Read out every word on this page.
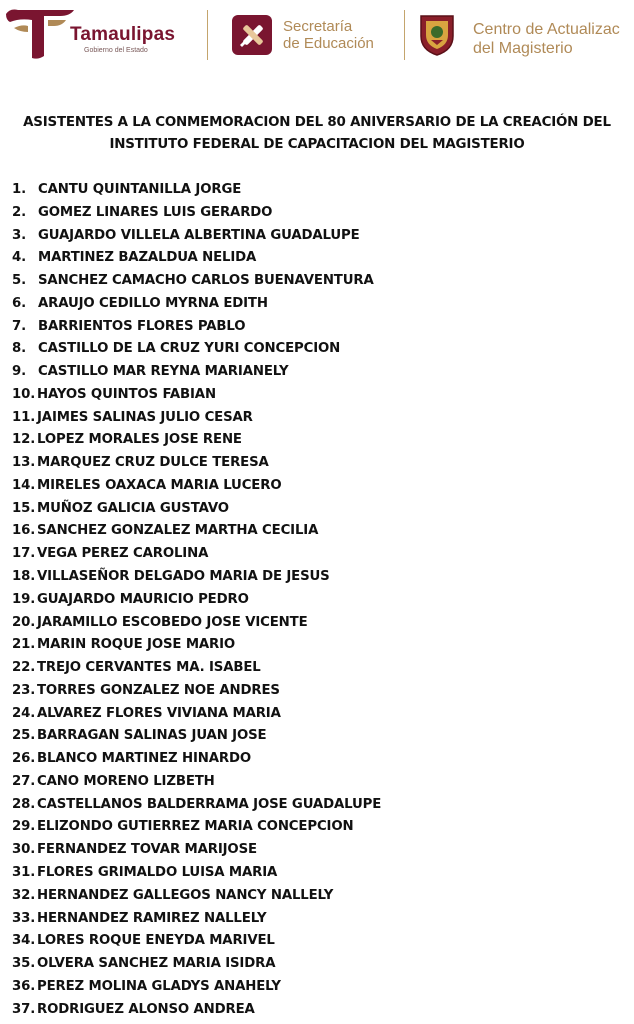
Tamaulipas
Gobierno del Estado
Secretaría
de Educación
Centro de Actualizac
del Magisterio
ASISTENTES A LA CONMEMORACION DEL 80 ANIVERSARIO DE LA CREACIÓN DEL
INSTITUTO FEDERAL DE CAPACITACION DEL MAGISTERIO
1. CANTU QUINTANILLA JORGE
2. GOMEZ LINARES LUIS GERARDO
3. GUAJARDO VILLELA ALBERTINA GUADALUPE
4. MARTINEZ BAZALDUA NELIDA
5. SANCHEZ CAMACHO CARLOS BUENAVENTURA
6. ARAUJO CEDILLO MYRNA EDITH
7. BARRIENTOS FLORES PABLO
8. CASTILLO DE LA CRUZ YURI CONCEPCION
9. CASTILLO MAR REYNA MARIANELY
10. HAYOS QUINTOS FABIAN
11. JAIMES SALINAS JULIO CESAR
12. LOPEZ MORALES JOSE RENE
13. MARQUEZ CRUZ DULCE TERESA
14. MIRELES OAXACA MARIA LUCERO
15. MUÑOZ GALICIA GUSTAVO
16. SANCHEZ GONZALEZ MARTHA CECILIA
17. VEGA PEREZ CAROLINA
18. VILLASEÑOR DELGADO MARIA DE JESUS
19. GUAJARDO MAURICIO PEDRO
20. JARAMILLO ESCOBEDO JOSE VICENTE
21. MARIN ROQUE JOSE MARIO
22. TREJO CERVANTES MA. ISABEL
23. TORRES GONZALEZ NOE ANDRES
24. ALVAREZ FLORES VIVIANA MARIA
25. BARRAGAN SALINAS JUAN JOSE
26. BLANCO MARTINEZ HINARDO
27. CANO MORENO LIZBETH
28. CASTELLANOS BALDERRAMA JOSE GUADALUPE
29. ELIZONDO GUTIERREZ MARIA CONCEPCION
30. FERNANDEZ TOVAR MARIJOSE
31. FLORES GRIMALDO LUISA MARIA
32. HERNANDEZ GALLEGOS NANCY NALLELY
33. HERNANDEZ RAMIREZ NALLELY
34. LORES ROQUE ENEYDA MARIVEL
35. OLVERA SANCHEZ MARIA ISIDRA
36. PEREZ MOLINA GLADYS ANAHELY
37. RODRIGUEZ ALONSO ANDREA
